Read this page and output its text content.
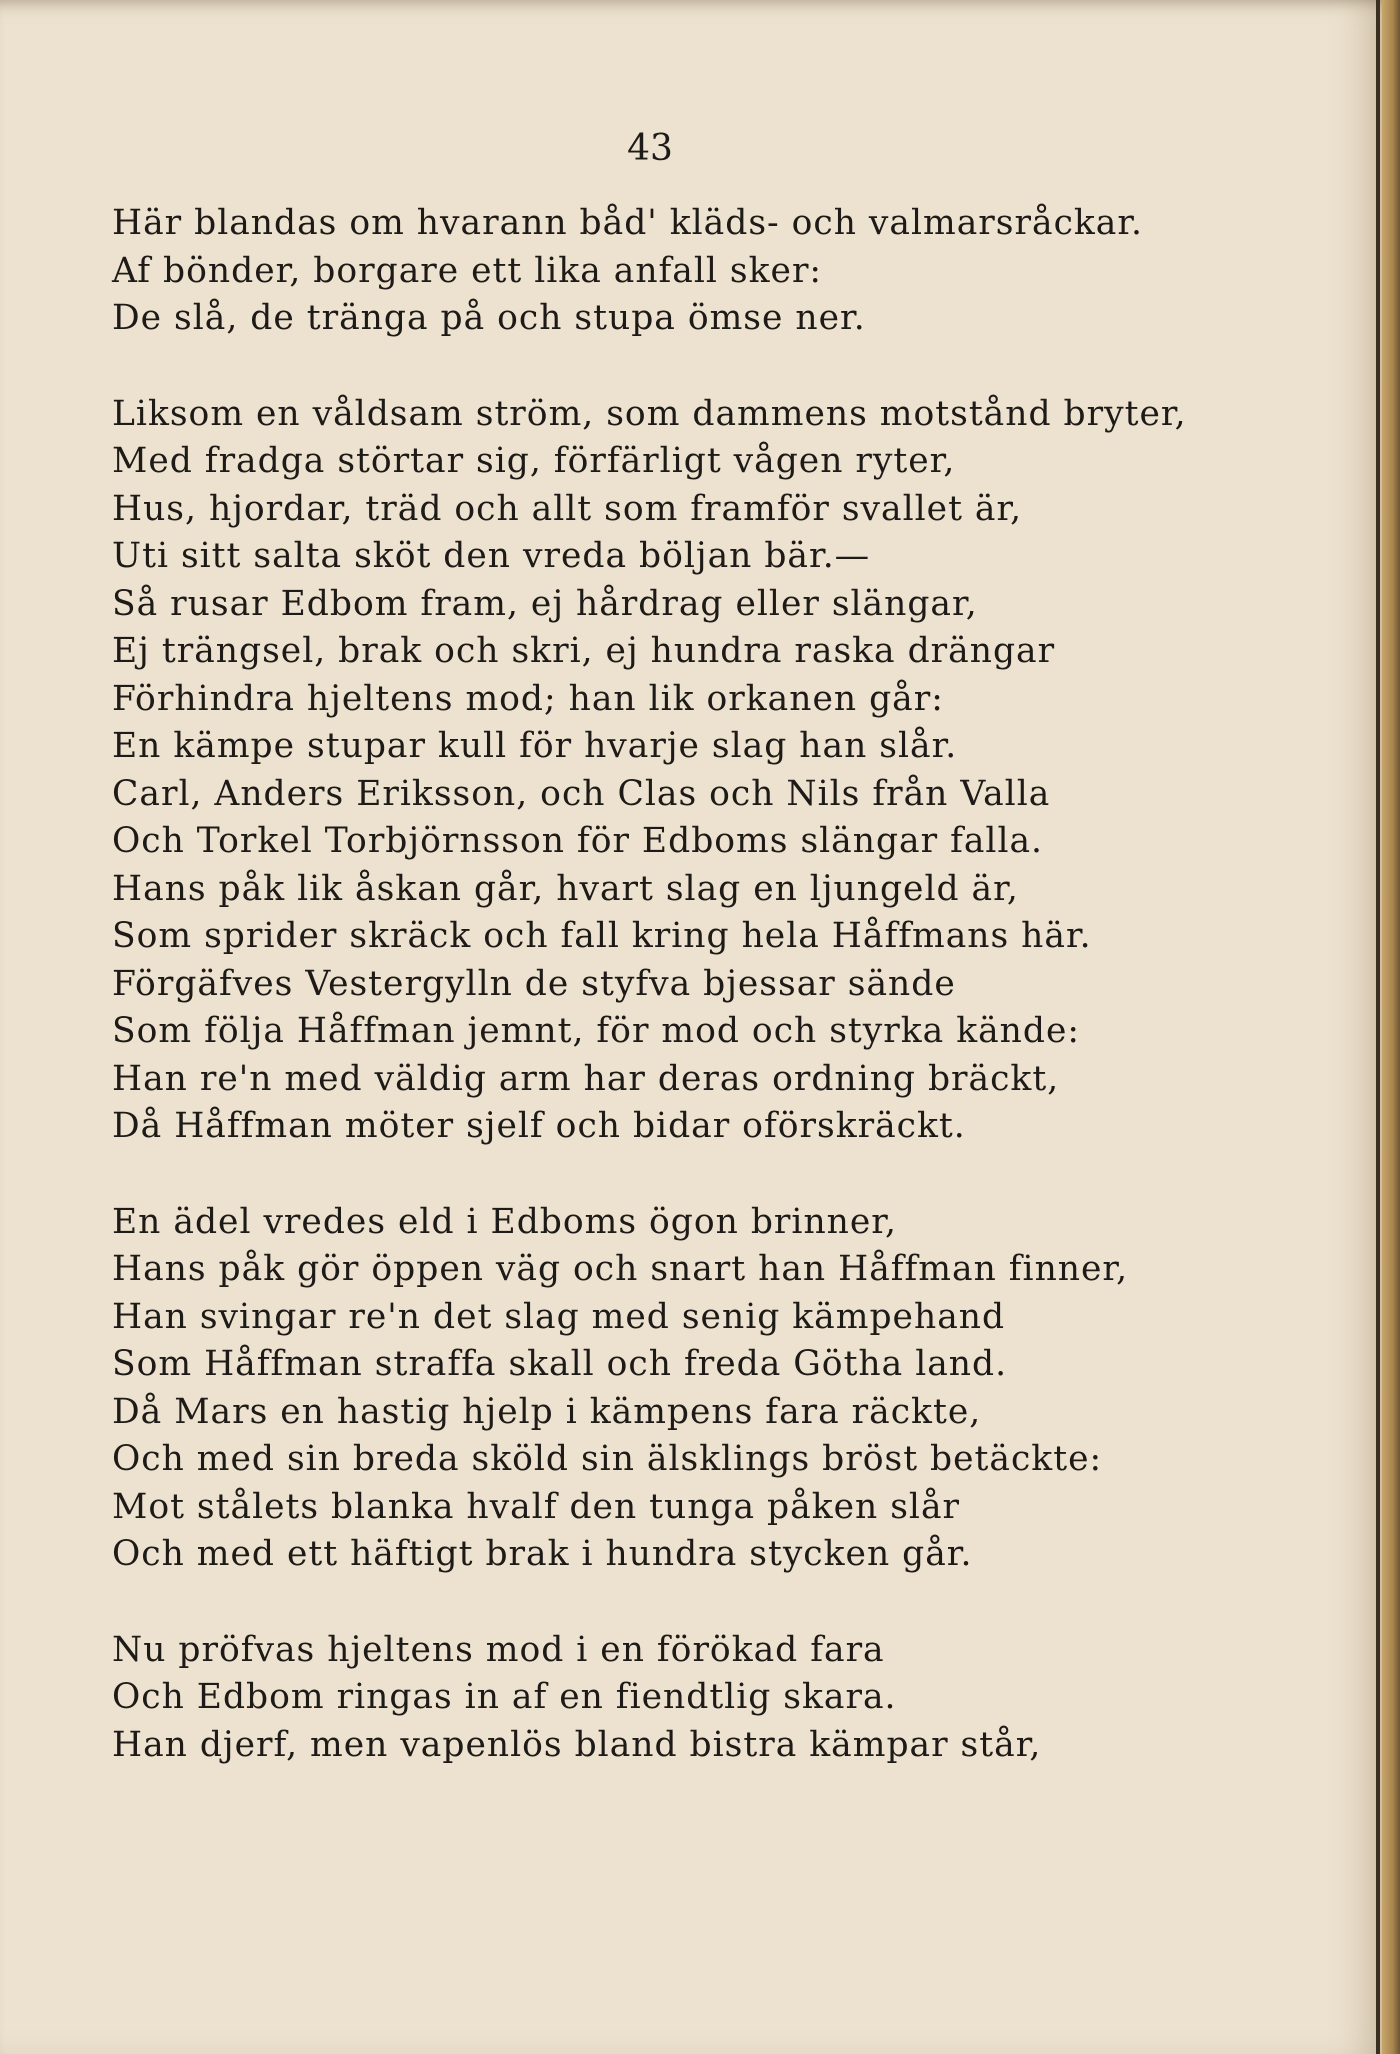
43
Här blandas om hvarann båd' kläds- och valmarsråckar.
Af bönder, borgare ett lika anfall sker:
De slå, de tränga på och stupa ömse ner.
Liksom en våldsam ström, som dammens motstånd bryter,
Med fradga störtar sig, förfärligt vågen ryter,
Hus, hjordar, träd och allt som framför svallet är,
Uti sitt salta sköt den vreda böljan bär.—
Så rusar Edbom fram, ej hårdrag eller slängar,
Ej trängsel, brak och skri, ej hundra raska drängar
Förhindra hjeltens mod; han lik orkanen går:
En kämpe stupar kull för hvarje slag han slår.
Carl, Anders Eriksson, och Clas och Nils från Valla
Och Torkel Torbjörnsson för Edboms slängar falla.
Hans påk lik åskan går, hvart slag en ljungeld är,
Som sprider skräck och fall kring hela Håffmans här.
Förgäfves Vestergylln de styfva bjessar sände
Som följa Håffman jemnt, för mod och styrka kände:
Han re'n med väldig arm har deras ordning bräckt,
Då Håffman möter sjelf och bidar oförskräckt.
En ädel vredes eld i Edboms ögon brinner,
Hans påk gör öppen väg och snart han Håffman finner,
Han svingar re'n det slag med senig kämpehand
Som Håffman straffa skall och freda Götha land.
Då Mars en hastig hjelp i kämpens fara räckte,
Och med sin breda sköld sin älsklings bröst betäckte:
Mot stålets blanka hvalf den tunga påken slår
Och med ett häftigt brak i hundra stycken går.
Nu pröfvas hjeltens mod i en förökad fara
Och Edbom ringas in af en fiendtlig skara.
Han djerf, men vapenlös bland bistra kämpar står,
